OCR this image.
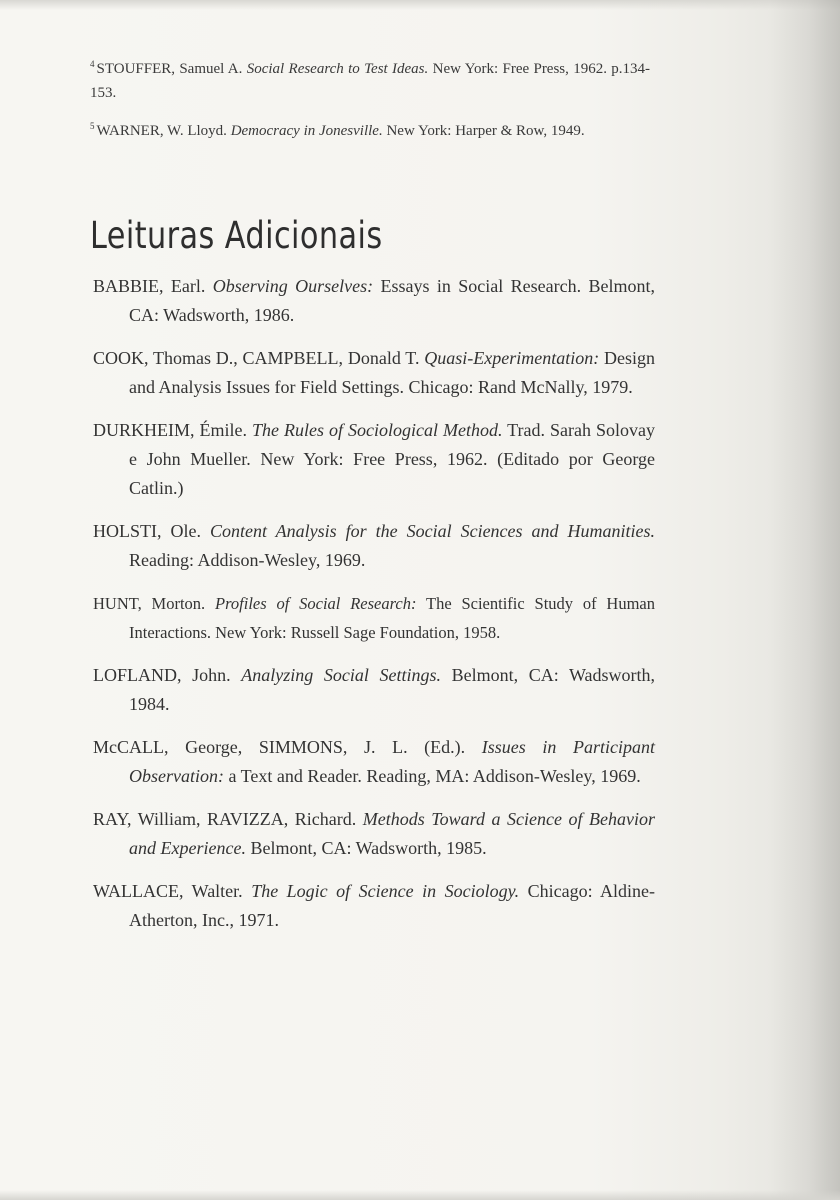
$^4$ STOUFFER, Samuel A. Social Research to Test Ideas. New York: Free Press, 1962. p.134-153.

$^5$ WARNER, W. Lloyd. Democracy in Jonesville. New York: Harper & Row, 1949.

Leituras Adicionais

BABBIE, Earl. Observing Ourselves: Essays in Social Research. Belmont, CA: Wadsworth, 1986.

COOK, Thomas D., CAMPBELL, Donald T. Quasi-Experimentation: Design and Analysis Issues for Field Settings. Chicago: Rand McNally, 1979.

DURKHEIM, Émile. The Rules of Sociological Method. Trad. Sarah Solovay e John Mueller. New York: Free Press, 1962. (Editado por George Catlin.)

HOLSTI, Ole. Content Analysis for the Social Sciences and Humanities. Reading: Addison-Wesley, 1969.

HUNT, Morton. Profiles of Social Research: The Scientific Study of Human Interactions. New York: Russell Sage Foundation, 1958.

LOFLAND, John. Analyzing Social Settings. Belmont, CA: Wadsworth, 1984.

McCALL, George, SIMMONS, J. L. (Ed.). Issues in Participant Observation: a Text and Reader. Reading, MA: Addison-Wesley, 1969.

RAY, William, RAVIZZA, Richard. Methods Toward a Science of Behavior and Experience. Belmont, CA: Wadsworth, 1985.

WALLACE, Walter. The Logic of Science in Sociology. Chicago: Aldine-Atherton, Inc., 1971.
